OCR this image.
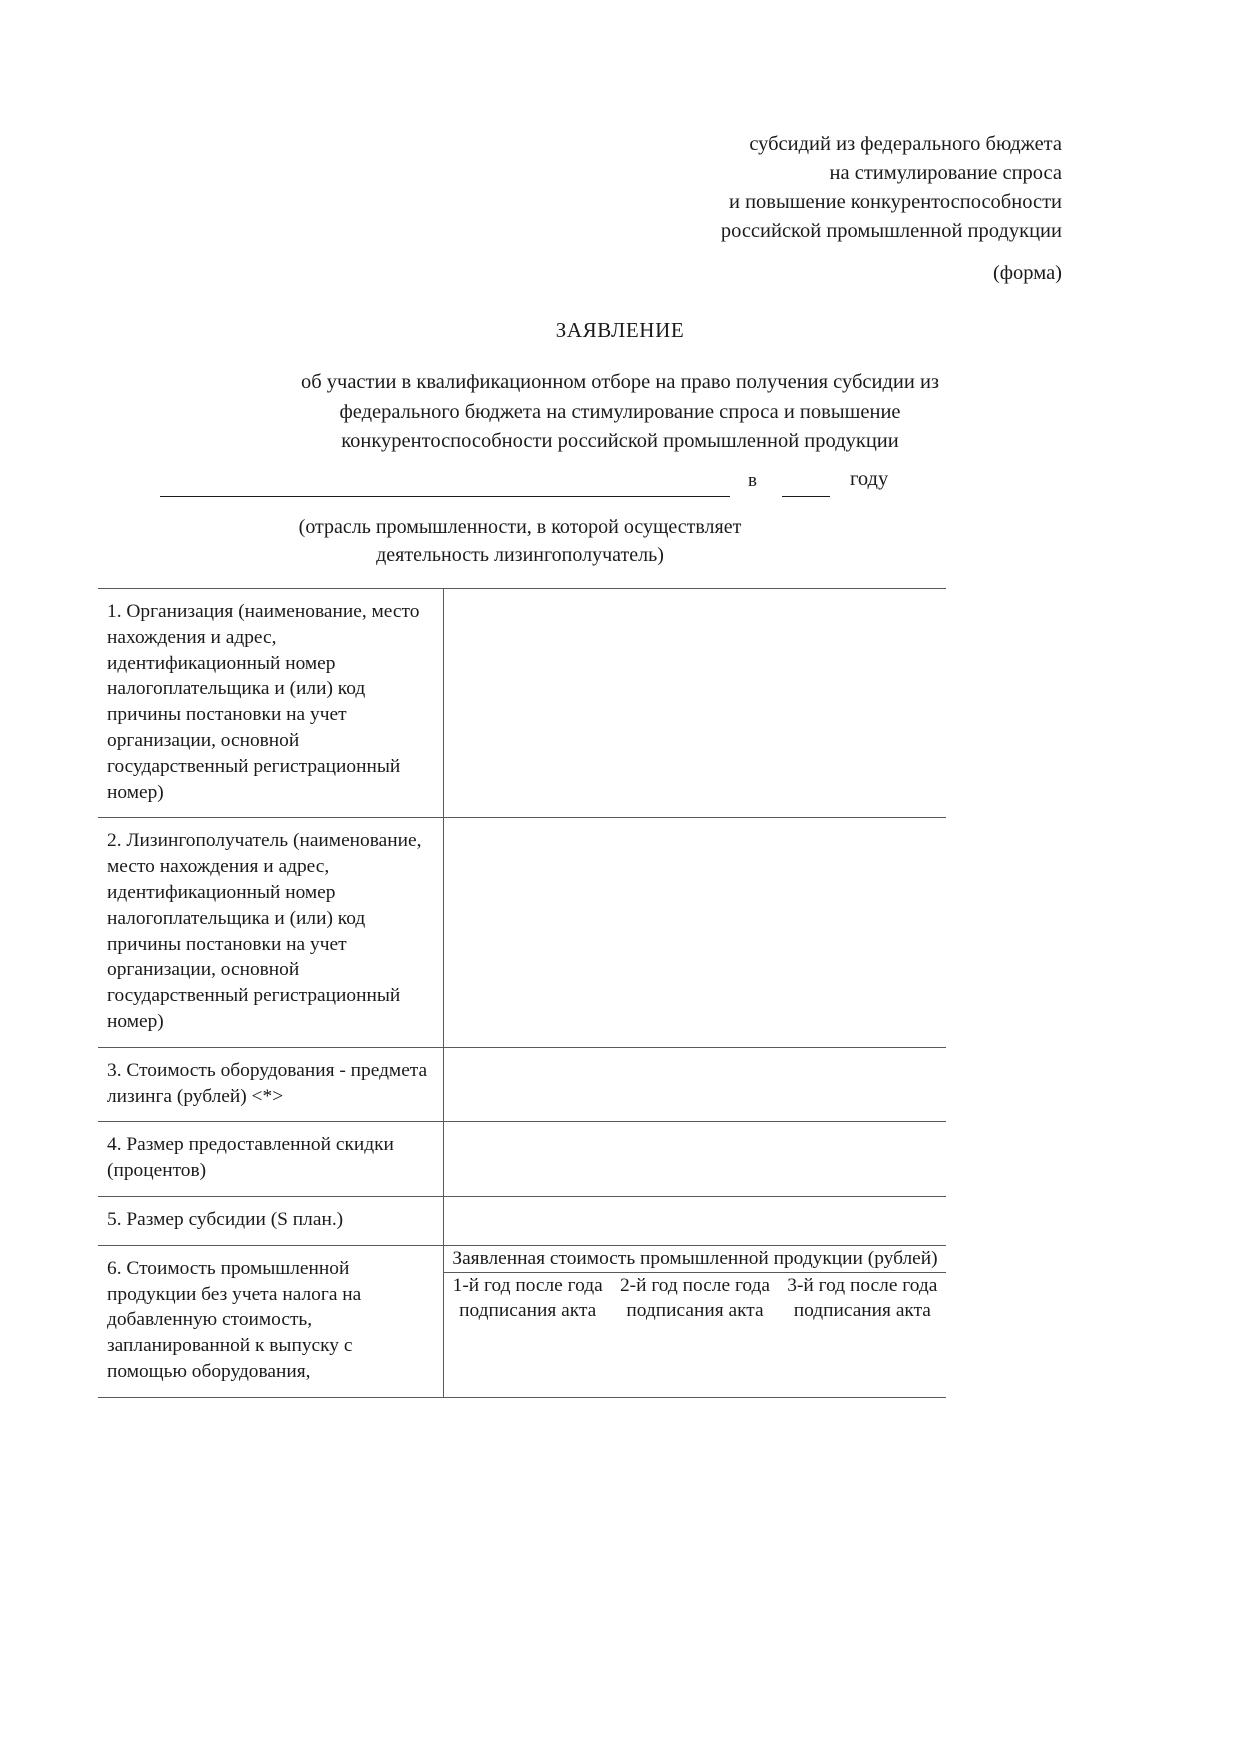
субсидий из федерального бюджета
на стимулирование спроса
и повышение конкурентоспособности
российской промышленной продукции
(форма)
ЗАЯВЛЕНИЕ
об участии в квалификационном отборе на право получения субсидии из
федерального бюджета на стимулирование спроса и повышение
конкурентоспособности российской промышленной продукции
в	году
(отрасль промышленности, в которой осуществляет
деятельность лизингополучатель)
1. Организация (наименование, место нахождения и адрес, идентификационный номер налогоплательщика и (или) код причины постановки на учет организации, основной государственный регистрационный номер)	
2. Лизингополучатель (наименование, место нахождения и адрес, идентификационный номер налогоплательщика и (или) код причины постановки на учет организации, основной государственный регистрационный номер)	
3. Стоимость оборудования - предмета лизинга (рублей) <*>	
4. Размер предоставленной скидки (процентов)	
5. Размер субсидии (S план.)	
6. Стоимость промышленной продукции без учета налога на добавленную стоимость, запланированной к выпуску с помощью оборудования,	
Заявленная стоимость промышленной продукции (рублей)
1-й год после года подписания акта	2-й год после года подписания акта	3-й год после года подписания акта
